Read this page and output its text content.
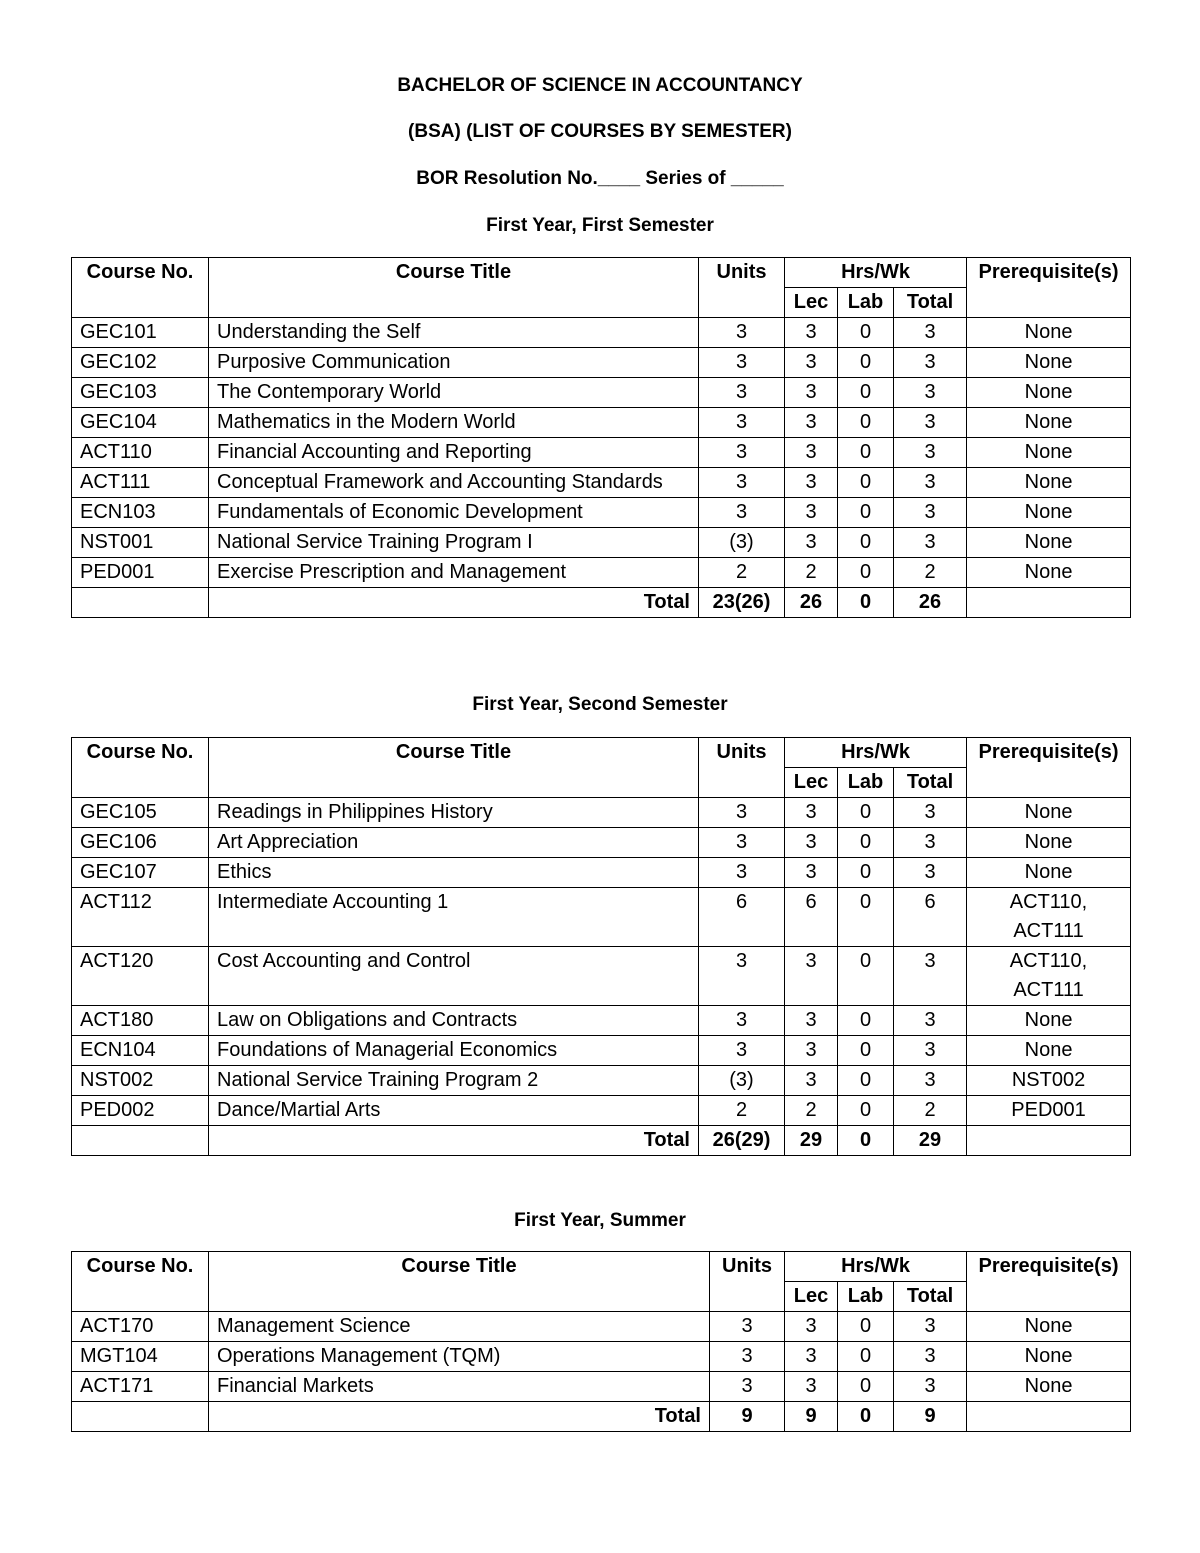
BACHELOR OF SCIENCE IN ACCOUNTANCY
(BSA) (LIST OF COURSES BY SEMESTER)
BOR Resolution No.____ Series of _____
First Year, First Semester
Course No.	Course Title	Units	Hrs/Wk			Prerequisite(s)
			Lec	Lab	Total	
GEC101	Understanding the Self	3	3	0	3	None
GEC102	Purposive Communication	3	3	0	3	None
GEC103	The Contemporary World	3	3	0	3	None
GEC104	Mathematics in the Modern World	3	3	0	3	None
ACT110	Financial Accounting and Reporting	3	3	0	3	None
ACT111	Conceptual Framework and Accounting Standards	3	3	0	3	None
ECN103	Fundamentals of Economic Development	3	3	0	3	None
NST001	National Service Training Program I	(3)	3	0	3	None
PED001	Exercise Prescription and Management	2	2	0	2	None
	Total	23(26)	26	0	26	
First Year, Second Semester
Course No.	Course Title	Units	Hrs/Wk			Prerequisite(s)
			Lec	Lab	Total	
GEC105	Readings in Philippines History	3	3	0	3	None
GEC106	Art Appreciation	3	3	0	3	None
GEC107	Ethics	3	3	0	3	None
ACT112	Intermediate Accounting 1	6	6	0	6	ACT110, ACT111
ACT120	Cost Accounting and Control	3	3	0	3	ACT110, ACT111
ACT180	Law on Obligations and Contracts	3	3	0	3	None
ECN104	Foundations of Managerial Economics	3	3	0	3	None
NST002	National Service Training Program 2	(3)	3	0	3	NST002
PED002	Dance/Martial Arts	2	2	0	2	PED001
	Total	26(29)	29	0	29	
First Year, Summer
Course No.	Course Title	Units	Hrs/Wk			Prerequisite(s)
			Lec	Lab	Total	
ACT170	Management Science	3	3	0	3	None
MGT104	Operations Management (TQM)	3	3	0	3	None
ACT171	Financial Markets	3	3	0	3	None
	Total	9	9	0	9	
